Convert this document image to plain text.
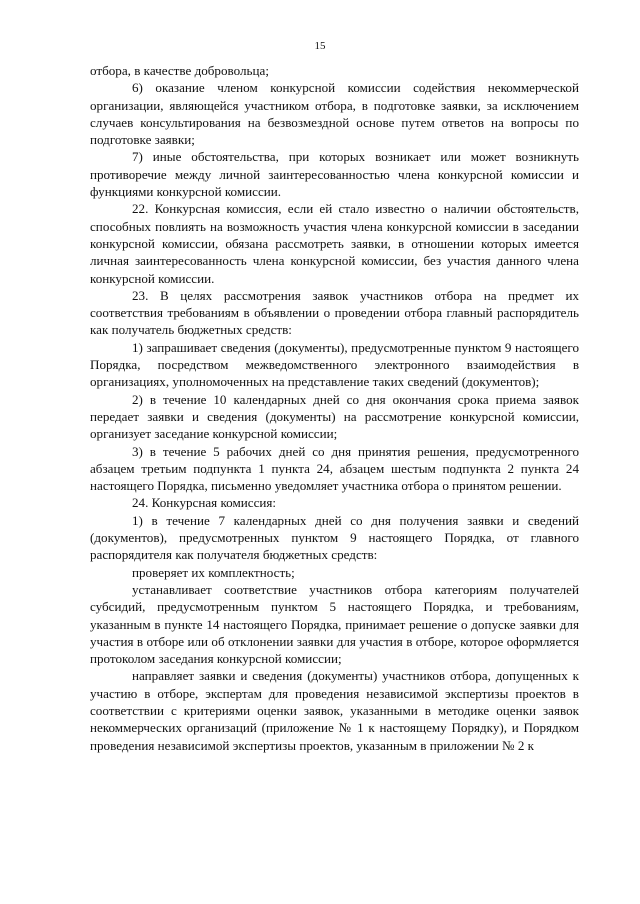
15

отбора, в качестве добровольца;

6) оказание членом конкурсной комиссии содействия некоммерческой организации, являющейся участником отбора, в подготовке заявки, за исключением случаев консультирования на безвозмездной основе путем ответов на вопросы по подготовке заявки;

7) иные обстоятельства, при которых возникает или может возникнуть противоречие между личной заинтересованностью члена конкурсной комиссии и функциями конкурсной комиссии.

22. Конкурсная комиссия, если ей стало известно о наличии обстоятельств, способных повлиять на возможность участия члена конкурсной комиссии в заседании конкурсной комиссии, обязана рассмотреть заявки, в отношении которых имеется личная заинтересованность члена конкурсной комиссии, без участия данного члена конкурсной комиссии.

23. В целях рассмотрения заявок участников отбора на предмет их соответствия требованиям в объявлении о проведении отбора главный распорядитель как получатель бюджетных средств:

1) запрашивает сведения (документы), предусмотренные пунктом 9 настоящего Порядка, посредством межведомственного электронного взаимодействия в организациях, уполномоченных на представление таких сведений (документов);

2) в течение 10 календарных дней со дня окончания срока приема заявок передает заявки и сведения (документы) на рассмотрение конкурсной комиссии, организует заседание конкурсной комиссии;

3) в течение 5 рабочих дней со дня принятия решения, предусмотренного абзацем третьим подпункта 1 пункта 24, абзацем шестым подпункта 2 пункта 24 настоящего Порядка, письменно уведомляет участника отбора о принятом решении.

24. Конкурсная комиссия:

1) в течение 7 календарных дней со дня получения заявки и сведений (документов), предусмотренных пунктом 9 настоящего Порядка, от главного распорядителя как получателя бюджетных средств:

проверяет их комплектность;

устанавливает соответствие участников отбора категориям получателей субсидий, предусмотренным пунктом 5 настоящего Порядка, и требованиям, указанным в пункте 14 настоящего Порядка, принимает решение о допуске заявки для участия в отборе или об отклонении заявки для участия в отборе, которое оформляется протоколом заседания конкурсной комиссии;

направляет заявки и сведения (документы) участников отбора, допущенных к участию в отборе, экспертам для проведения независимой экспертизы проектов в соответствии с критериями оценки заявок, указанными в методике оценки заявок некоммерческих организаций (приложение № 1 к настоящему Порядку), и Порядком проведения независимой экспертизы проектов, указанным в приложении № 2 к
